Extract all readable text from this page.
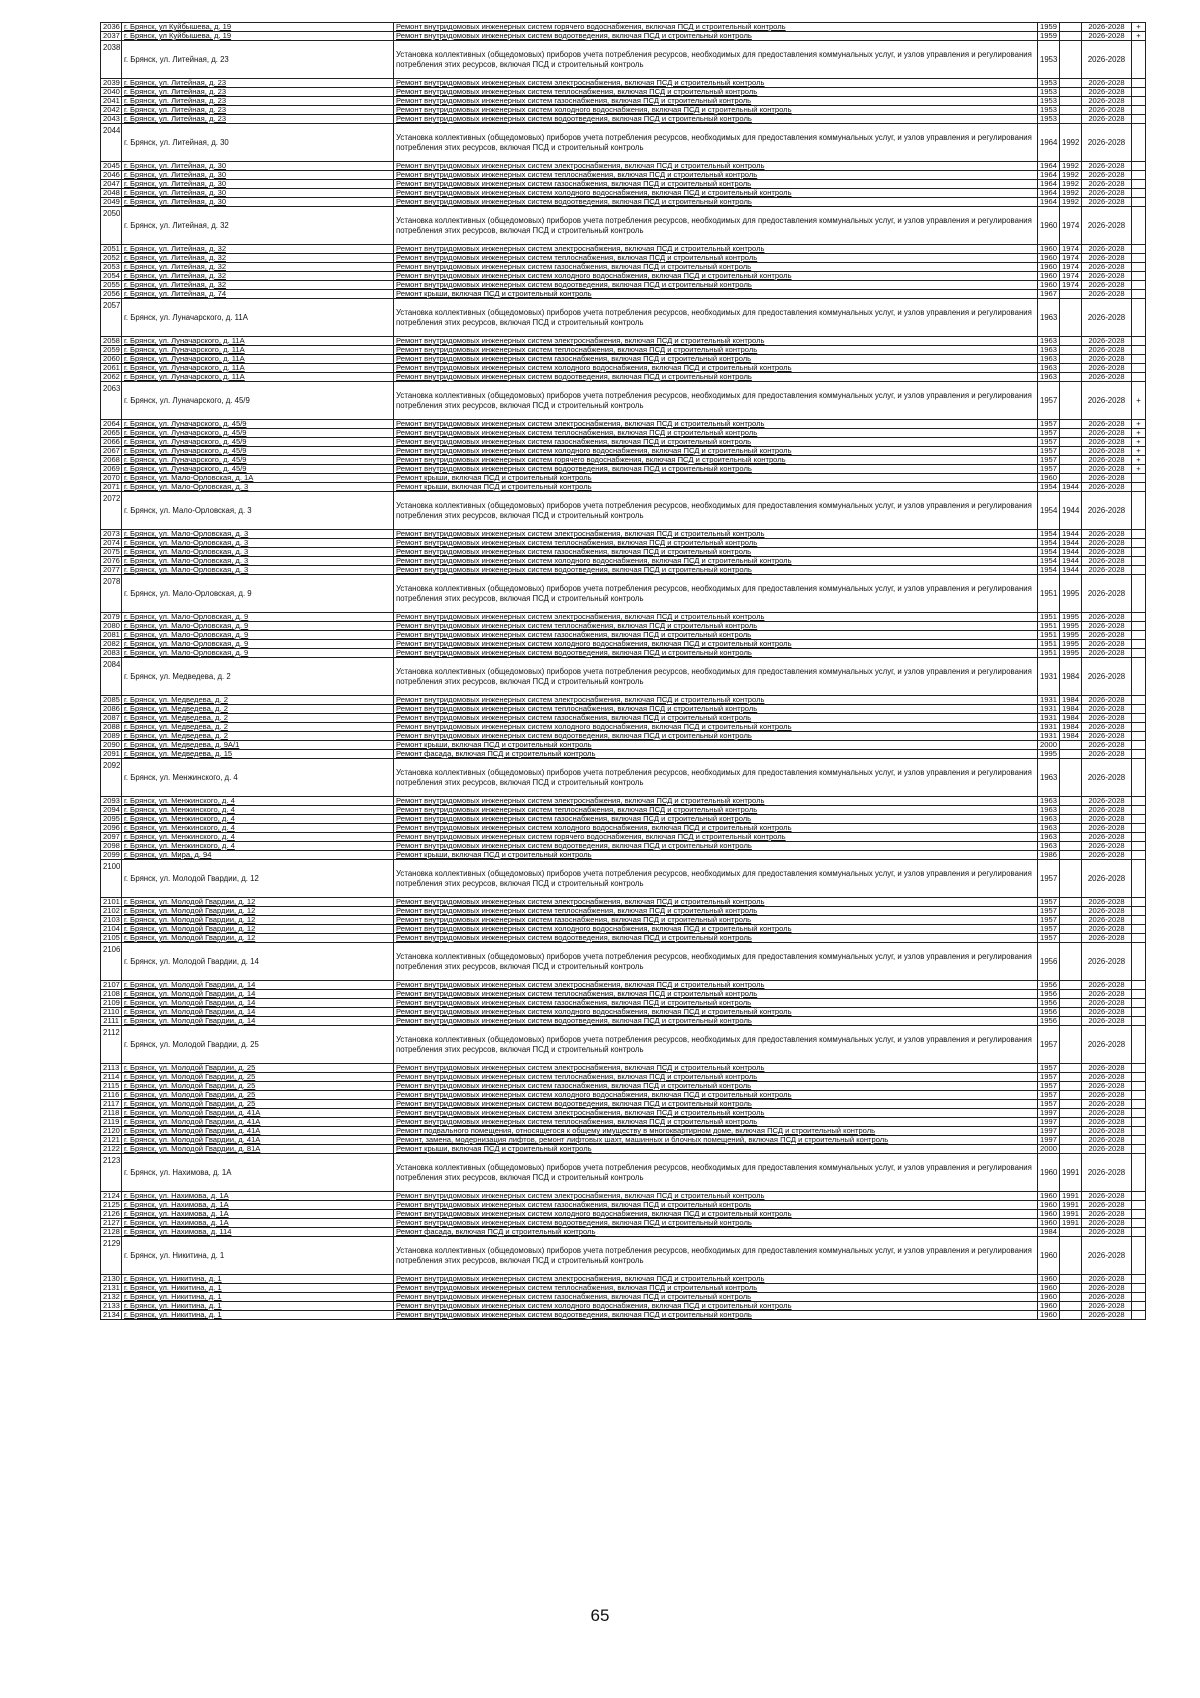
2036	г. Брянск, ул Куйбышева, д. 19	Ремонт внутридомовых инженерных систем горячего водоснабжения, включая ПСД и строительный контроль	1959		2026-2028	+
2037	г. Брянск, ул Куйбышева, д. 19	Ремонт внутридомовых инженерных систем водоотведения, включая ПСД и строительный контроль	1959		2026-2028	+
2038	г. Брянск, ул. Литейная, д. 23	Установка коллективных (общедомовых) приборов учета потребления ресурсов, необходимых для предоставления коммунальных услуг, и узлов управления и регулирования потребления этих ресурсов, включая ПСД и строительный контроль	1953		2026-2028	
2039	г. Брянск, ул. Литейная, д. 23	Ремонт внутридомовых инженерных систем электроснабжения, включая ПСД и строительный контроль	1953		2026-2028	
2040	г. Брянск, ул. Литейная, д. 23	Ремонт внутридомовых инженерных систем теплоснабжения, включая ПСД и строительный контроль	1953		2026-2028	
2041	г. Брянск, ул. Литейная, д. 23	Ремонт внутридомовых инженерных систем газоснабжения, включая ПСД и строительный контроль	1953		2026-2028	
2042	г. Брянск, ул. Литейная, д. 23	Ремонт внутридомовых инженерных систем холодного водоснабжения, включая ПСД и строительный контроль	1953		2026-2028	
2043	г. Брянск, ул. Литейная, д. 23	Ремонт внутридомовых инженерных систем водоотведения, включая ПСД и строительный контроль	1953		2026-2028	
2044	г. Брянск, ул. Литейная, д. 30	Установка коллективных (общедомовых) приборов учета потребления ресурсов, необходимых для предоставления коммунальных услуг, и узлов управления и регулирования потребления этих ресурсов, включая ПСД и строительный контроль	1964	1992	2026-2028	
2045	г. Брянск, ул. Литейная, д. 30	Ремонт внутридомовых инженерных систем электроснабжения, включая ПСД и строительный контроль	1964	1992	2026-2028	
2046	г. Брянск, ул. Литейная, д. 30	Ремонт внутридомовых инженерных систем теплоснабжения, включая ПСД и строительный контроль	1964	1992	2026-2028	
2047	г. Брянск, ул. Литейная, д. 30	Ремонт внутридомовых инженерных систем газоснабжения, включая ПСД и строительный контроль	1964	1992	2026-2028	
2048	г. Брянск, ул. Литейная, д. 30	Ремонт внутридомовых инженерных систем холодного водоснабжения, включая ПСД и строительный контроль	1964	1992	2026-2028	
2049	г. Брянск, ул. Литейная, д. 30	Ремонт внутридомовых инженерных систем водоотведения, включая ПСД и строительный контроль	1964	1992	2026-2028	
2050	г. Брянск, ул. Литейная, д. 32	Установка коллективных (общедомовых) приборов учета потребления ресурсов, необходимых для предоставления коммунальных услуг, и узлов управления и регулирования потребления этих ресурсов, включая ПСД и строительный контроль	1960	1974	2026-2028	
2051	г. Брянск, ул. Литейная, д. 32	Ремонт внутридомовых инженерных систем электроснабжения, включая ПСД и строительный контроль	1960	1974	2026-2028	
2052	г. Брянск, ул. Литейная, д. 32	Ремонт внутридомовых инженерных систем теплоснабжения, включая ПСД и строительный контроль	1960	1974	2026-2028	
2053	г. Брянск, ул. Литейная, д. 32	Ремонт внутридомовых инженерных систем газоснабжения, включая ПСД и строительный контроль	1960	1974	2026-2028	
2054	г. Брянск, ул. Литейная, д. 32	Ремонт внутридомовых инженерных систем холодного водоснабжения, включая ПСД и строительный контроль	1960	1974	2026-2028	
2055	г. Брянск, ул. Литейная, д. 32	Ремонт внутридомовых инженерных систем водоотведения, включая ПСД и строительный контроль	1960	1974	2026-2028	
2056	г. Брянск, ул. Литейная, д. 74	Ремонт крыши, включая ПСД и строительный контроль	1967		2026-2028	
2057	г. Брянск, ул. Луначарского, д. 11А	Установка коллективных (общедомовых) приборов учета потребления ресурсов, необходимых для предоставления коммунальных услуг, и узлов управления и регулирования потребления этих ресурсов, включая ПСД и строительный контроль	1963		2026-2028	
2058	г. Брянск, ул. Луначарского, д. 11А	Ремонт внутридомовых инженерных систем электроснабжения, включая ПСД и строительный контроль	1963		2026-2028	
2059	г. Брянск, ул. Луначарского, д. 11А	Ремонт внутридомовых инженерных систем теплоснабжения, включая ПСД и строительный контроль	1963		2026-2028	
2060	г. Брянск, ул. Луначарского, д. 11А	Ремонт внутридомовых инженерных систем газоснабжения, включая ПСД и строительный контроль	1963		2026-2028	
2061	г. Брянск, ул. Луначарского, д. 11А	Ремонт внутридомовых инженерных систем холодного водоснабжения, включая ПСД и строительный контроль	1963		2026-2028	
2062	г. Брянск, ул. Луначарского, д. 11А	Ремонт внутридомовых инженерных систем водоотведения, включая ПСД и строительный контроль	1963		2026-2028	
2063	г. Брянск, ул. Луначарского, д. 45/9	Установка коллективных (общедомовых) приборов учета потребления ресурсов, необходимых для предоставления коммунальных услуг, и узлов управления и регулирования потребления этих ресурсов, включая ПСД и строительный контроль	1957		2026-2028	+
2064	г. Брянск, ул. Луначарского, д. 45/9	Ремонт внутридомовых инженерных систем электроснабжения, включая ПСД и строительный контроль	1957		2026-2028	+
2065	г. Брянск, ул. Луначарского, д. 45/9	Ремонт внутридомовых инженерных систем теплоснабжения, включая ПСД и строительный контроль	1957		2026-2028	+
2066	г. Брянск, ул. Луначарского, д. 45/9	Ремонт внутридомовых инженерных систем газоснабжения, включая ПСД и строительный контроль	1957		2026-2028	+
2067	г. Брянск, ул. Луначарского, д. 45/9	Ремонт внутридомовых инженерных систем холодного водоснабжения, включая ПСД и строительный контроль	1957		2026-2028	+
2068	г. Брянск, ул. Луначарского, д. 45/9	Ремонт внутридомовых инженерных систем горячего водоснабжения, включая ПСД и строительный контроль	1957		2026-2028	+
2069	г. Брянск, ул. Луначарского, д. 45/9	Ремонт внутридомовых инженерных систем водоотведения, включая ПСД и строительный контроль	1957		2026-2028	+
2070	г. Брянск, ул. Мало-Орловская, д. 1А	Ремонт крыши, включая ПСД и строительный контроль	1960		2026-2028	
2071	г. Брянск, ул. Мало-Орловская, д. 3	Ремонт крыши, включая ПСД и строительный контроль	1954	1944	2026-2028	
2072	г. Брянск, ул. Мало-Орловская, д. 3	Установка коллективных (общедомовых) приборов учета потребления ресурсов, необходимых для предоставления коммунальных услуг, и узлов управления и регулирования потребления этих ресурсов, включая ПСД и строительный контроль	1954	1944	2026-2028	
2073	г. Брянск, ул. Мало-Орловская, д. 3	Ремонт внутридомовых инженерных систем электроснабжения, включая ПСД и строительный контроль	1954	1944	2026-2028	
2074	г. Брянск, ул. Мало-Орловская, д. 3	Ремонт внутридомовых инженерных систем теплоснабжения, включая ПСД и строительный контроль	1954	1944	2026-2028	
2075	г. Брянск, ул. Мало-Орловская, д. 3	Ремонт внутридомовых инженерных систем газоснабжения, включая ПСД и строительный контроль	1954	1944	2026-2028	
2076	г. Брянск, ул. Мало-Орловская, д. 3	Ремонт внутридомовых инженерных систем холодного водоснабжения, включая ПСД и строительный контроль	1954	1944	2026-2028	
2077	г. Брянск, ул. Мало-Орловская, д. 3	Ремонт внутридомовых инженерных систем водоотведения, включая ПСД и строительный контроль	1954	1944	2026-2028	
2078	г. Брянск, ул. Мало-Орловская, д. 9	Установка коллективных (общедомовых) приборов учета потребления ресурсов, необходимых для предоставления коммунальных услуг, и узлов управления и регулирования потребления этих ресурсов, включая ПСД и строительный контроль	1951	1995	2026-2028	
2079	г. Брянск, ул. Мало-Орловская, д. 9	Ремонт внутридомовых инженерных систем электроснабжения, включая ПСД и строительный контроль	1951	1995	2026-2028	
2080	г. Брянск, ул. Мало-Орловская, д. 9	Ремонт внутридомовых инженерных систем теплоснабжения, включая ПСД и строительный контроль	1951	1995	2026-2028	
2081	г. Брянск, ул. Мало-Орловская, д. 9	Ремонт внутридомовых инженерных систем газоснабжения, включая ПСД и строительный контроль	1951	1995	2026-2028	
2082	г. Брянск, ул. Мало-Орловская, д. 9	Ремонт внутридомовых инженерных систем холодного водоснабжения, включая ПСД и строительный контроль	1951	1995	2026-2028	
2083	г. Брянск, ул. Мало-Орловская, д. 9	Ремонт внутридомовых инженерных систем водоотведения, включая ПСД и строительный контроль	1951	1995	2026-2028	
2084	г. Брянск, ул. Медведева, д. 2	Установка коллективных (общедомовых) приборов учета потребления ресурсов, необходимых для предоставления коммунальных услуг, и узлов управления и регулирования потребления этих ресурсов, включая ПСД и строительный контроль	1931	1984	2026-2028	
2085	г. Брянск, ул. Медведева, д. 2	Ремонт внутридомовых инженерных систем электроснабжения, включая ПСД и строительный контроль	1931	1984	2026-2028	
2086	г. Брянск, ул. Медведева, д. 2	Ремонт внутридомовых инженерных систем теплоснабжения, включая ПСД и строительный контроль	1931	1984	2026-2028	
2087	г. Брянск, ул. Медведева, д. 2	Ремонт внутридомовых инженерных систем газоснабжения, включая ПСД и строительный контроль	1931	1984	2026-2028	
2088	г. Брянск, ул. Медведева, д. 2	Ремонт внутридомовых инженерных систем холодного водоснабжения, включая ПСД и строительный контроль	1931	1984	2026-2028	
2089	г. Брянск, ул. Медведева, д. 2	Ремонт внутридомовых инженерных систем водоотведения, включая ПСД и строительный контроль	1931	1984	2026-2028	
2090	г. Брянск, ул. Медведева, д. 9А/1	Ремонт крыши, включая ПСД и строительный контроль	2000		2026-2028	
2091	г. Брянск, ул. Медведева, д. 15	Ремонт фасада, включая ПСД и строительный контроль	1995		2026-2028	
2092	г. Брянск, ул. Менжинского, д. 4	Установка коллективных (общедомовых) приборов учета потребления ресурсов, необходимых для предоставления коммунальных услуг, и узлов управления и регулирования потребления этих ресурсов, включая ПСД и строительный контроль	1963		2026-2028	
2093	г. Брянск, ул. Менжинского, д. 4	Ремонт внутридомовых инженерных систем электроснабжения, включая ПСД и строительный контроль	1963		2026-2028	
2094	г. Брянск, ул. Менжинского, д. 4	Ремонт внутридомовых инженерных систем теплоснабжения, включая ПСД и строительный контроль	1963		2026-2028	
2095	г. Брянск, ул. Менжинского, д. 4	Ремонт внутридомовых инженерных систем газоснабжения, включая ПСД и строительный контроль	1963		2026-2028	
2096	г. Брянск, ул. Менжинского, д. 4	Ремонт внутридомовых инженерных систем холодного водоснабжения, включая ПСД и строительный контроль	1963		2026-2028	
2097	г. Брянск, ул. Менжинского, д. 4	Ремонт внутридомовых инженерных систем горячего водоснабжения, включая ПСД и строительный контроль	1963		2026-2028	
2098	г. Брянск, ул. Менжинского, д. 4	Ремонт внутридомовых инженерных систем водоотведения, включая ПСД и строительный контроль	1963		2026-2028	
2099	г. Брянск, ул. Мира, д. 94	Ремонт крыши, включая ПСД и строительный контроль	1986		2026-2028	
2100	г. Брянск, ул. Молодой Гвардии, д. 12	Установка коллективных (общедомовых) приборов учета потребления ресурсов, необходимых для предоставления коммунальных услуг, и узлов управления и регулирования потребления этих ресурсов, включая ПСД и строительный контроль	1957		2026-2028	
2101	г. Брянск, ул. Молодой Гвардии, д. 12	Ремонт внутридомовых инженерных систем электроснабжения, включая ПСД и строительный контроль	1957		2026-2028	
2102	г. Брянск, ул. Молодой Гвардии, д. 12	Ремонт внутридомовых инженерных систем теплоснабжения, включая ПСД и строительный контроль	1957		2026-2028	
2103	г. Брянск, ул. Молодой Гвардии, д. 12	Ремонт внутридомовых инженерных систем газоснабжения, включая ПСД и строительный контроль	1957		2026-2028	
2104	г. Брянск, ул. Молодой Гвардии, д. 12	Ремонт внутридомовых инженерных систем холодного водоснабжения, включая ПСД и строительный контроль	1957		2026-2028	
2105	г. Брянск, ул. Молодой Гвардии, д. 12	Ремонт внутридомовых инженерных систем водоотведения, включая ПСД и строительный контроль	1957		2026-2028	
2106	г. Брянск, ул. Молодой Гвардии, д. 14	Установка коллективных (общедомовых) приборов учета потребления ресурсов, необходимых для предоставления коммунальных услуг, и узлов управления и регулирования потребления этих ресурсов, включая ПСД и строительный контроль	1956		2026-2028	
2107	г. Брянск, ул. Молодой Гвардии, д. 14	Ремонт внутридомовых инженерных систем электроснабжения, включая ПСД и строительный контроль	1956		2026-2028	
2108	г. Брянск, ул. Молодой Гвардии, д. 14	Ремонт внутридомовых инженерных систем теплоснабжения, включая ПСД и строительный контроль	1956		2026-2028	
2109	г. Брянск, ул. Молодой Гвардии, д. 14	Ремонт внутридомовых инженерных систем газоснабжения, включая ПСД и строительный контроль	1956		2026-2028	
2110	г. Брянск, ул. Молодой Гвардии, д. 14	Ремонт внутридомовых инженерных систем холодного водоснабжения, включая ПСД и строительный контроль	1956		2026-2028	
2111	г. Брянск, ул. Молодой Гвардии, д. 14	Ремонт внутридомовых инженерных систем водоотведения, включая ПСД и строительный контроль	1956		2026-2028	
2112	г. Брянск, ул. Молодой Гвардии, д. 25	Установка коллективных (общедомовых) приборов учета потребления ресурсов, необходимых для предоставления коммунальных услуг, и узлов управления и регулирования потребления этих ресурсов, включая ПСД и строительный контроль	1957		2026-2028	
2113	г. Брянск, ул. Молодой Гвардии, д. 25	Ремонт внутридомовых инженерных систем электроснабжения, включая ПСД и строительный контроль	1957		2026-2028	
2114	г. Брянск, ул. Молодой Гвардии, д. 25	Ремонт внутридомовых инженерных систем теплоснабжения, включая ПСД и строительный контроль	1957		2026-2028	
2115	г. Брянск, ул. Молодой Гвардии, д. 25	Ремонт внутридомовых инженерных систем газоснабжения, включая ПСД и строительный контроль	1957		2026-2028	
2116	г. Брянск, ул. Молодой Гвардии, д. 25	Ремонт внутридомовых инженерных систем холодного водоснабжения, включая ПСД и строительный контроль	1957		2026-2028	
2117	г. Брянск, ул. Молодой Гвардии, д. 25	Ремонт внутридомовых инженерных систем водоотведения, включая ПСД и строительный контроль	1957		2026-2028	
2118	г. Брянск, ул. Молодой Гвардии, д. 41А	Ремонт внутридомовых инженерных систем электроснабжения, включая ПСД и строительный контроль	1997		2026-2028	
2119	г. Брянск, ул. Молодой Гвардии, д. 41А	Ремонт внутридомовых инженерных систем теплоснабжения, включая ПСД и строительный контроль	1997		2026-2028	
2120	г. Брянск, ул. Молодой Гвардии, д. 41А	Ремонт подвального помещения, относящегося к общему имуществу в многоквартирном доме, включая ПСД и строительный контроль	1997		2026-2028	
2121	г. Брянск, ул. Молодой Гвардии, д. 41А	Ремонт, замена, модернизация лифтов, ремонт лифтовых шахт, машинных и блочных помещений, включая ПСД и строительный контроль	1997		2026-2028	
2122	г. Брянск, ул. Молодой Гвардии, д. 81А	Ремонт крыши, включая ПСД и строительный контроль	2000		2026-2028	
2123	г. Брянск, ул. Нахимова, д. 1А	Установка коллективных (общедомовых) приборов учета потребления ресурсов, необходимых для предоставления коммунальных услуг, и узлов управления и регулирования потребления этих ресурсов, включая ПСД и строительный контроль	1960	1991	2026-2028	
2124	г. Брянск, ул. Нахимова, д. 1А	Ремонт внутридомовых инженерных систем электроснабжения, включая ПСД и строительный контроль	1960	1991	2026-2028	
2125	г. Брянск, ул. Нахимова, д. 1А	Ремонт внутридомовых инженерных систем газоснабжения, включая ПСД и строительный контроль	1960	1991	2026-2028	
2126	г. Брянск, ул. Нахимова, д. 1А	Ремонт внутридомовых инженерных систем холодного водоснабжения, включая ПСД и строительный контроль	1960	1991	2026-2028	
2127	г. Брянск, ул. Нахимова, д. 1А	Ремонт внутридомовых инженерных систем водоотведения, включая ПСД и строительный контроль	1960	1991	2026-2028	
2128	г. Брянск, ул. Нахимова, д. 114	Ремонт фасада, включая ПСД и строительный контроль	1984		2026-2028	
2129	г. Брянск, ул. Никитина, д. 1	Установка коллективных (общедомовых) приборов учета потребления ресурсов, необходимых для предоставления коммунальных услуг, и узлов управления и регулирования потребления этих ресурсов, включая ПСД и строительный контроль	1960		2026-2028	
2130	г. Брянск, ул. Никитина, д. 1	Ремонт внутридомовых инженерных систем электроснабжения, включая ПСД и строительный контроль	1960		2026-2028	
2131	г. Брянск, ул. Никитина, д. 1	Ремонт внутридомовых инженерных систем теплоснабжения, включая ПСД и строительный контроль	1960		2026-2028	
2132	г. Брянск, ул. Никитина, д. 1	Ремонт внутридомовых инженерных систем газоснабжения, включая ПСД и строительный контроль	1960		2026-2028	
2133	г. Брянск, ул. Никитина, д. 1	Ремонт внутридомовых инженерных систем холодного водоснабжения, включая ПСД и строительный контроль	1960		2026-2028	
2134	г. Брянск, ул. Никитина, д. 1	Ремонт внутридомовых инженерных систем водоотведения, включая ПСД и строительный контроль	1960		2026-2028	
65
